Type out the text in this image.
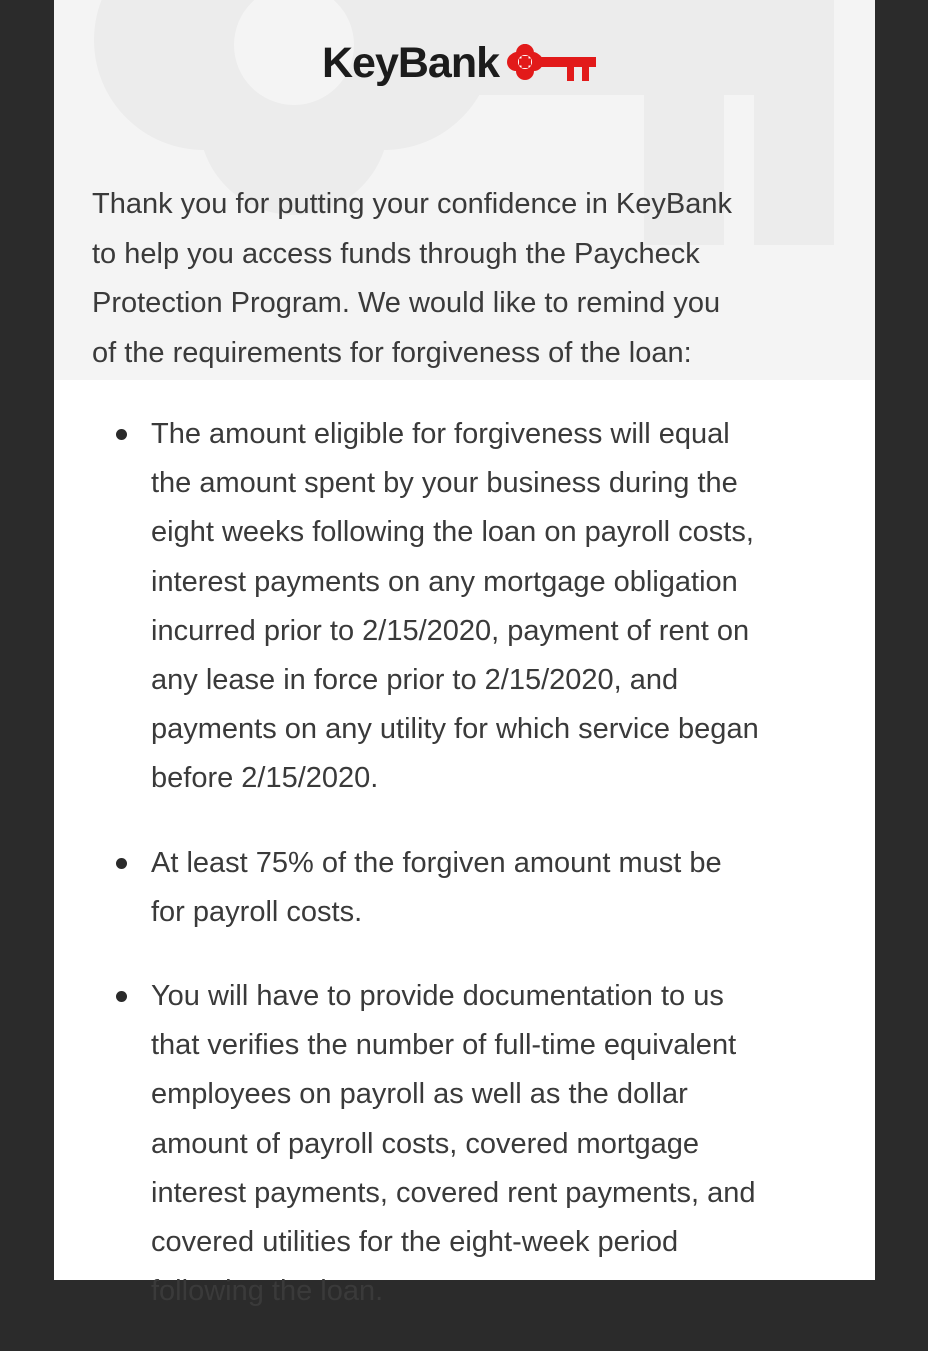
KeyBank

Thank you for putting your confidence in KeyBank
to help you access funds through the Paycheck
Protection Program. We would like to remind you
of the requirements for forgiveness of the loan:

The amount eligible for forgiveness will equal
the amount spent by your business during the
eight weeks following the loan on payroll costs,
interest payments on any mortgage obligation
incurred prior to 2/15/2020, payment of rent on
any lease in force prior to 2/15/2020, and
payments on any utility for which service began
before 2/15/2020.
At least 75% of the forgiven amount must be
for payroll costs.
You will have to provide documentation to us
that verifies the number of full-time equivalent
employees on payroll as well as the dollar
amount of payroll costs, covered mortgage
interest payments, covered rent payments, and
covered utilities for the eight-week period
following the loan.
